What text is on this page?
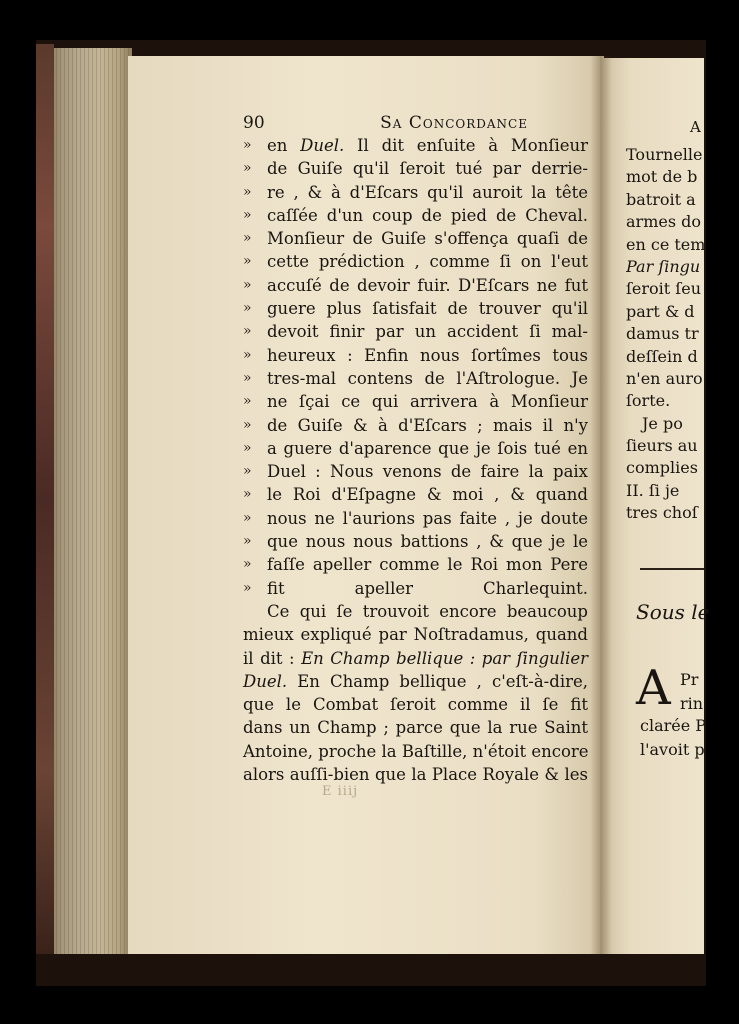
90	Sa Concordance
» en Duel. Il dit enſuite à Monſieur
» de Guiſe qu'il ſeroit tué par derrie-
» re , & à d'Eſcars qu'il auroit la tête
» caſſée d'un coup de pied de Cheval.
» Monſieur de Guiſe s'offença quaſi de
» cette prédiction , comme ſi on l'eut
» accuſé de devoir fuir. D'Eſcars ne fut
» guere plus ſatisfait de trouver qu'il
» devoit finir par un accident ſi mal-
» heureux : Enfin nous ſortîmes tous
» tres-mal contens de l'Aſtrologue. Je
» ne ſçai ce qui arrivera à Monſieur
» de Guiſe & à d'Eſcars ; mais il n'y
» a guere d'aparence que je ſois tué en
» Duel : Nous venons de faire la paix
» le Roi d'Eſpagne & moi , & quand
» nous ne l'aurions pas faite , je doute
» que nous nous battions , & que je le
» faſſe apeller comme le Roi mon Pere
» fit apeller Charlequint.
Ce qui ſe trouvoit encore beaucoup
mieux expliqué par Noſtradamus, quand
il dit : En Champ bellique : par ſingulier
Duel. En Champ bellique , c'eſt-à-dire,
que le Combat ſeroit comme il ſe fit
dans un Champ ; parce que la rue Saint
Antoine, proche la Baſtille, n'étoit encore
alors auſſi-bien que la Place Royale & les
E iiij
A
Tournelle
mot de b
batroit a
armes do
en ce tem
Par ſingu
ſeroit ſeu
part & d
damus tr
deſſein d
n'en auro
ſorte.
Je po
ſieurs au
complies
II. ſi je
tres choſ
Sous le
A Pr
rin
clarée P
l'avoit p
